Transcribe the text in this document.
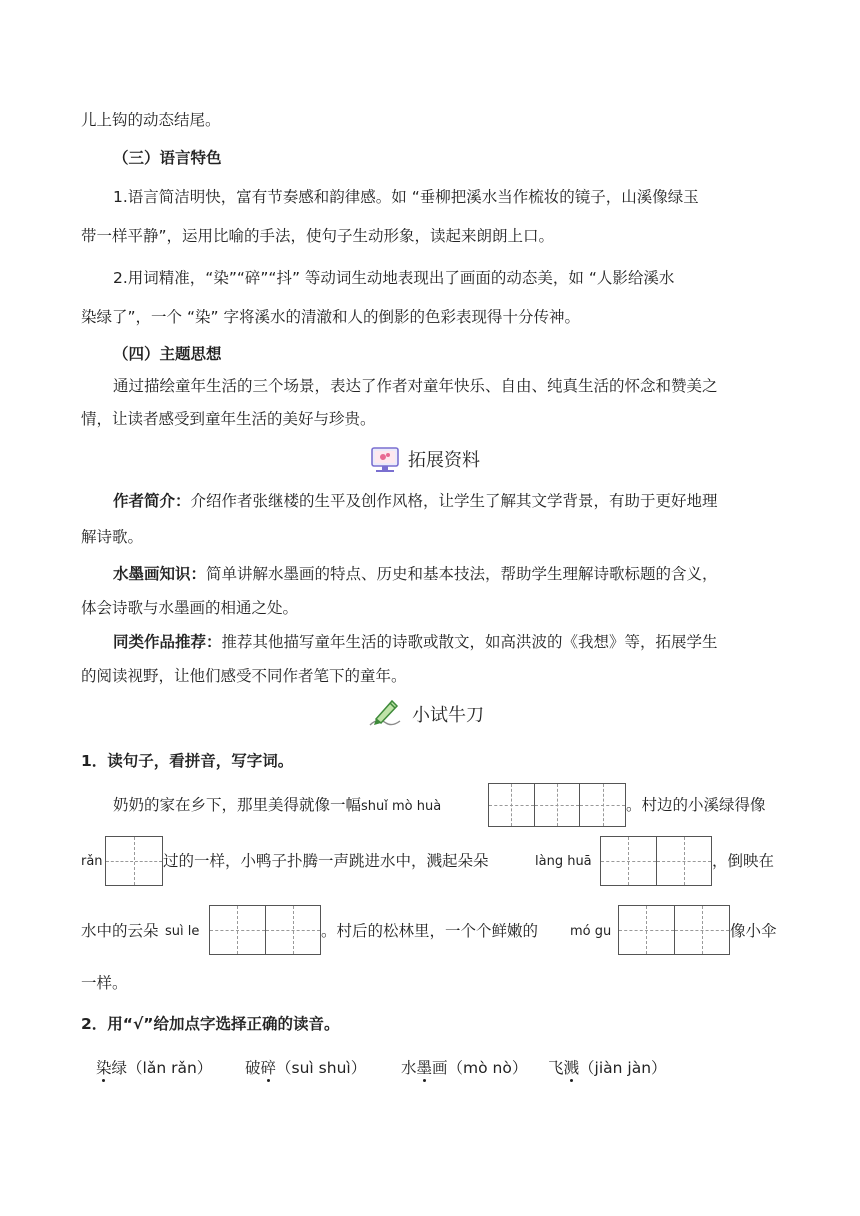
儿上钩的动态结尾。
（三）语言特色
1.语言简洁明快，富有节奏感和韵律感。如 “垂柳把溪水当作梳妆的镜子，山溪像绿玉
带一样平静”，运用比喻的手法，使句子生动形象，读起来朗朗上口。
2.用词精准，“染”“碎”“抖” 等动词生动地表现出了画面的动态美，如 “人影给溪水
染绿了”，一个 “染” 字将溪水的清澈和人的倒影的色彩表现得十分传神。
（四）主题思想
通过描绘童年生活的三个场景，表达了作者对童年快乐、自由、纯真生活的怀念和赞美之
情，让读者感受到童年生活的美好与珍贵。
拓展资料
作者简介：介绍作者张继楼的生平及创作风格，让学生了解其文学背景，有助于更好地理
解诗歌。
水墨画知识：简单讲解水墨画的特点、历史和基本技法，帮助学生理解诗歌标题的含义，
体会诗歌与水墨画的相通之处。
同类作品推荐：推荐其他描写童年生活的诗歌或散文，如高洪波的《我想》等，拓展学生
的阅读视野，让他们感受不同作者笔下的童年。
小试牛刀
1．读句子，看拼音，写字词。
奶奶的家在乡下，那里美得就像一幅shuǐ mò huà	。村边的小溪绿得像
rǎn	过的一样，小鸭子扑腾一声跳进水中，溅起朵朵	làng huā	，倒映在
水中的云朵 suì le	。村后的松林里，一个个鲜嫩的	mó gu	像小伞
一样。
2．用“√”给加点字选择正确的读音。
染绿（lǎn rǎn） 破碎（suì shuì） 水墨画（mò nò） 飞溅（jiàn jàn）
